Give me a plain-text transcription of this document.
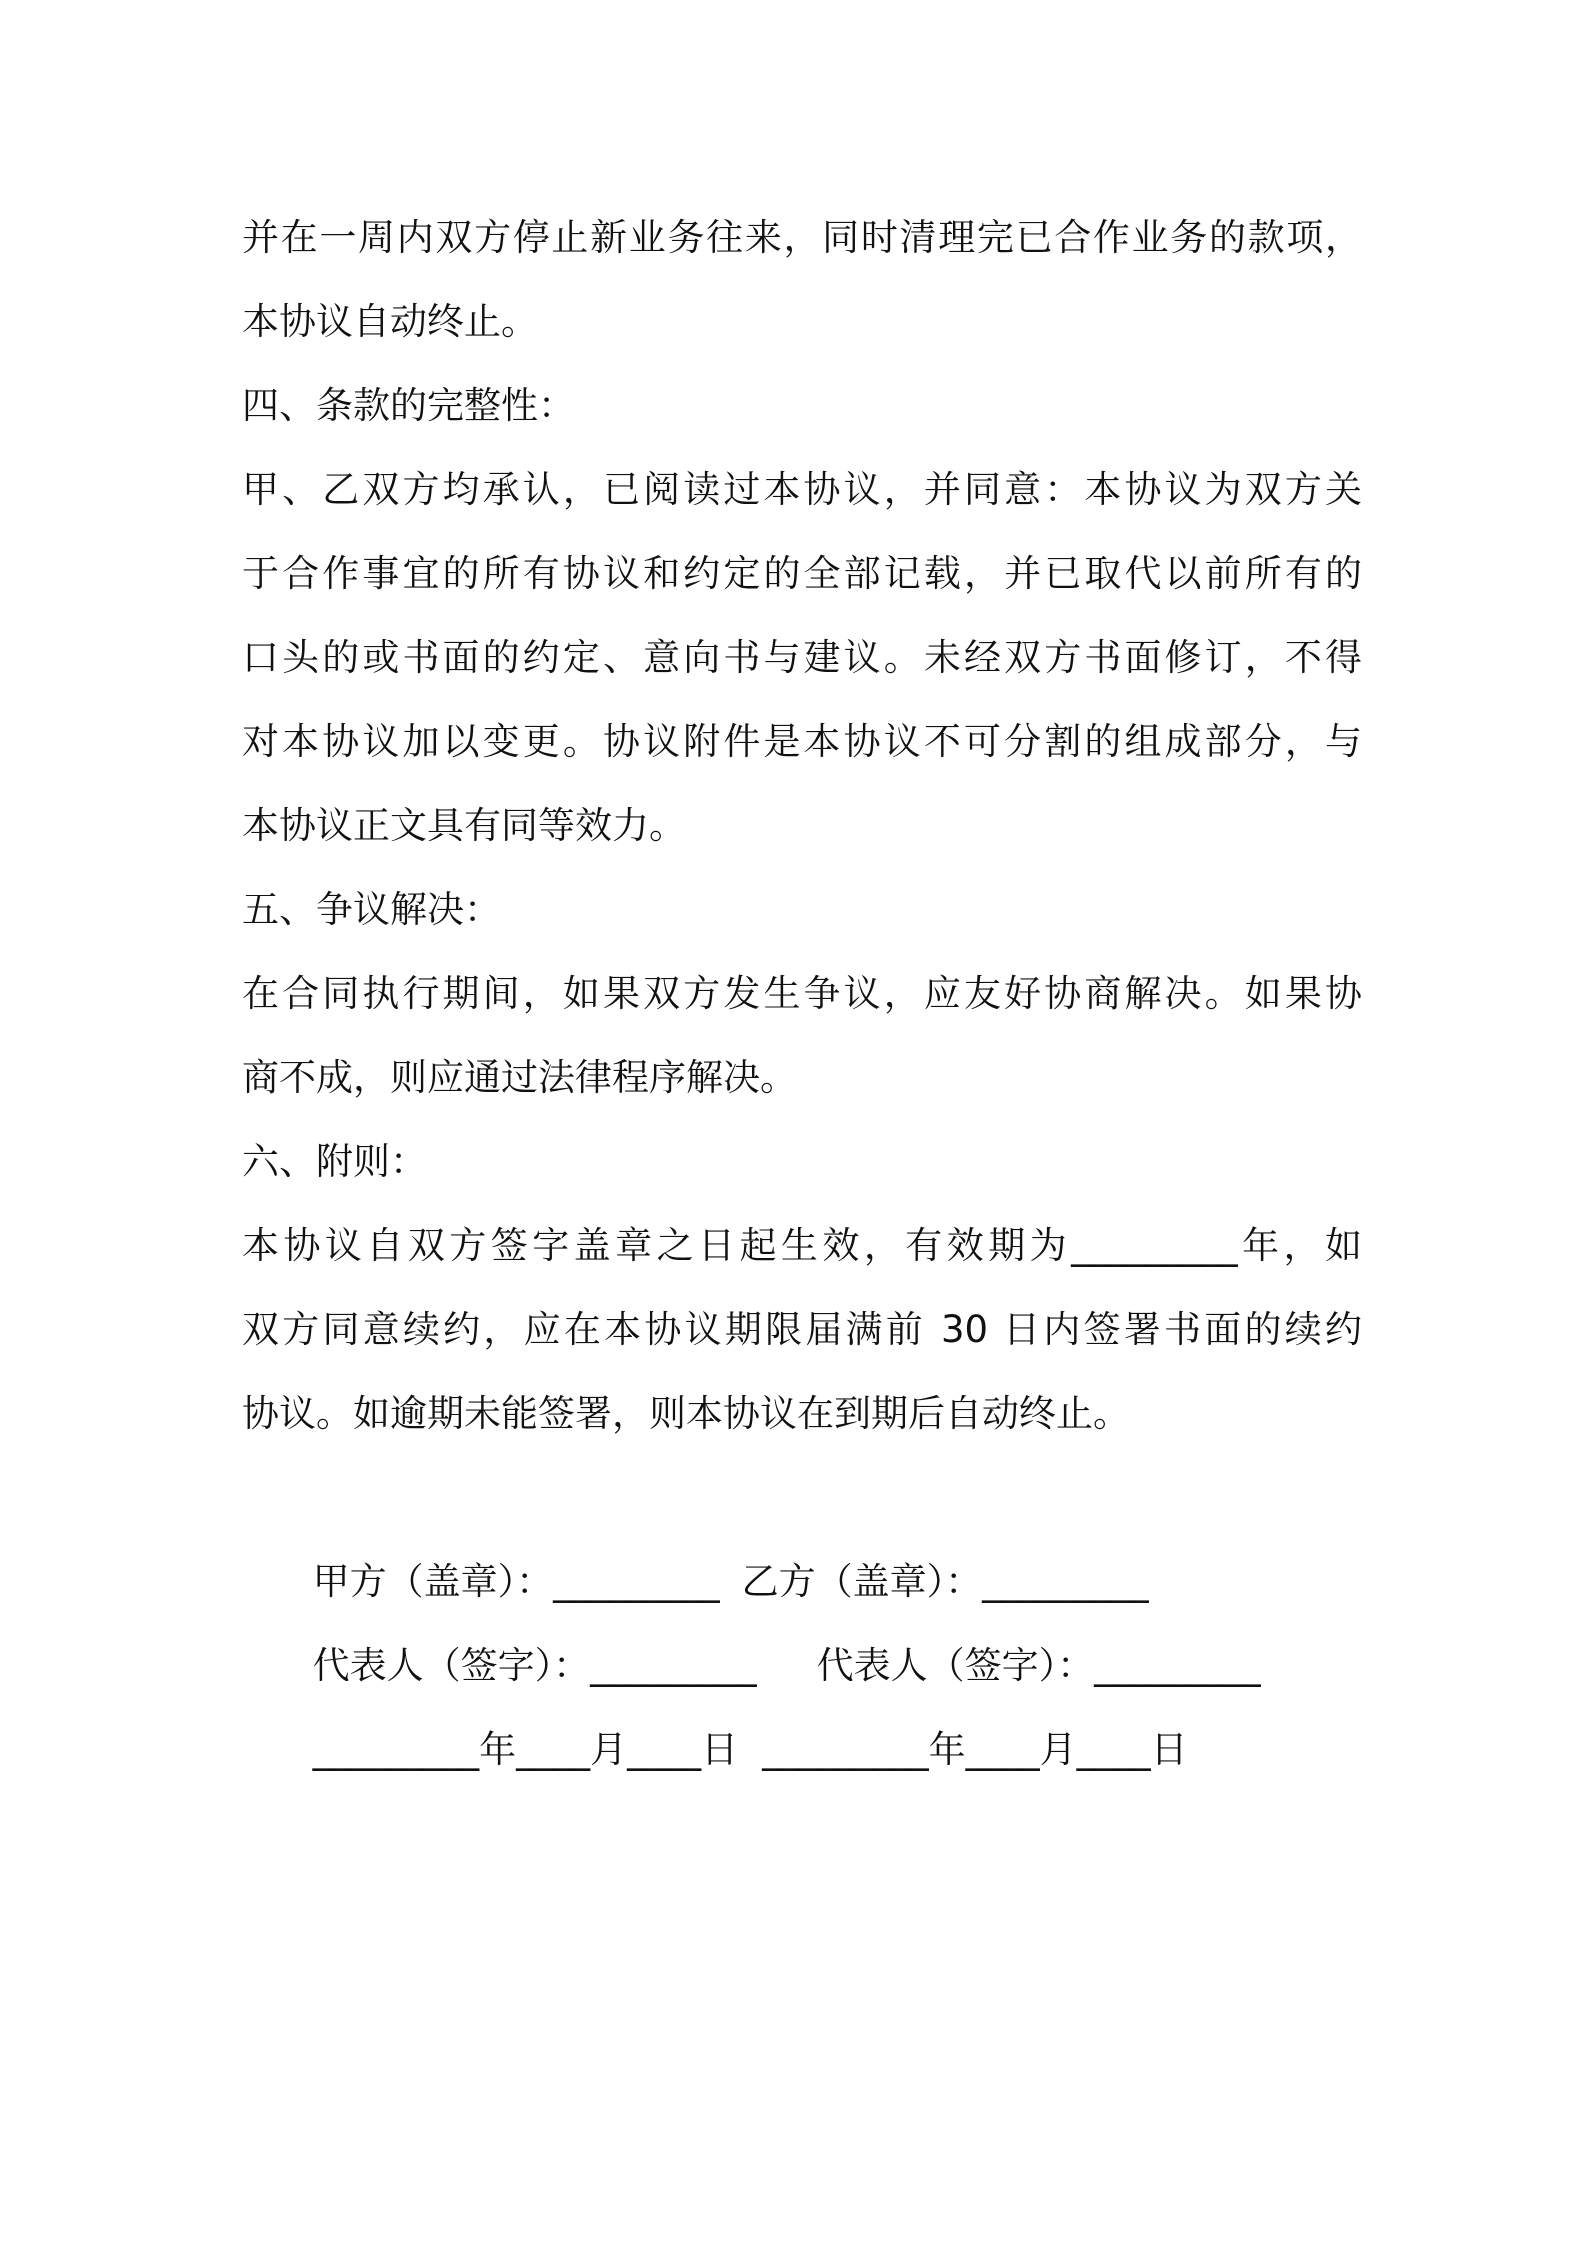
并在一周内双方停止新业务往来，同时清理完已合作业务的款项，
本协议自动终止。
四、条款的完整性：
甲、乙双方均承认，已阅读过本协议，并同意：本协议为双方关
于合作事宜的所有协议和约定的全部记载，并已取代以前所有的
口头的或书面的约定、意向书与建议。未经双方书面修订，不得
对本协议加以变更。协议附件是本协议不可分割的组成部分，与
本协议正文具有同等效力。
五、争议解决：
在合同执行期间，如果双方发生争议，应友好协商解决。如果协
商不成，则应通过法律程序解决。
六、附则：
本协议自双方签字盖章之日起生效，有效期为_________年，如
双方同意续约，应在本协议期限届满前 30 日内签署书面的续约
协议。如逾期未能签署，则本协议在到期后自动终止。

甲方（盖章）：_________ 乙方（盖章）：_________

代表人（签字）：_________ 代表人（签字）：_________

_________年____月____日 _________年____月____日
